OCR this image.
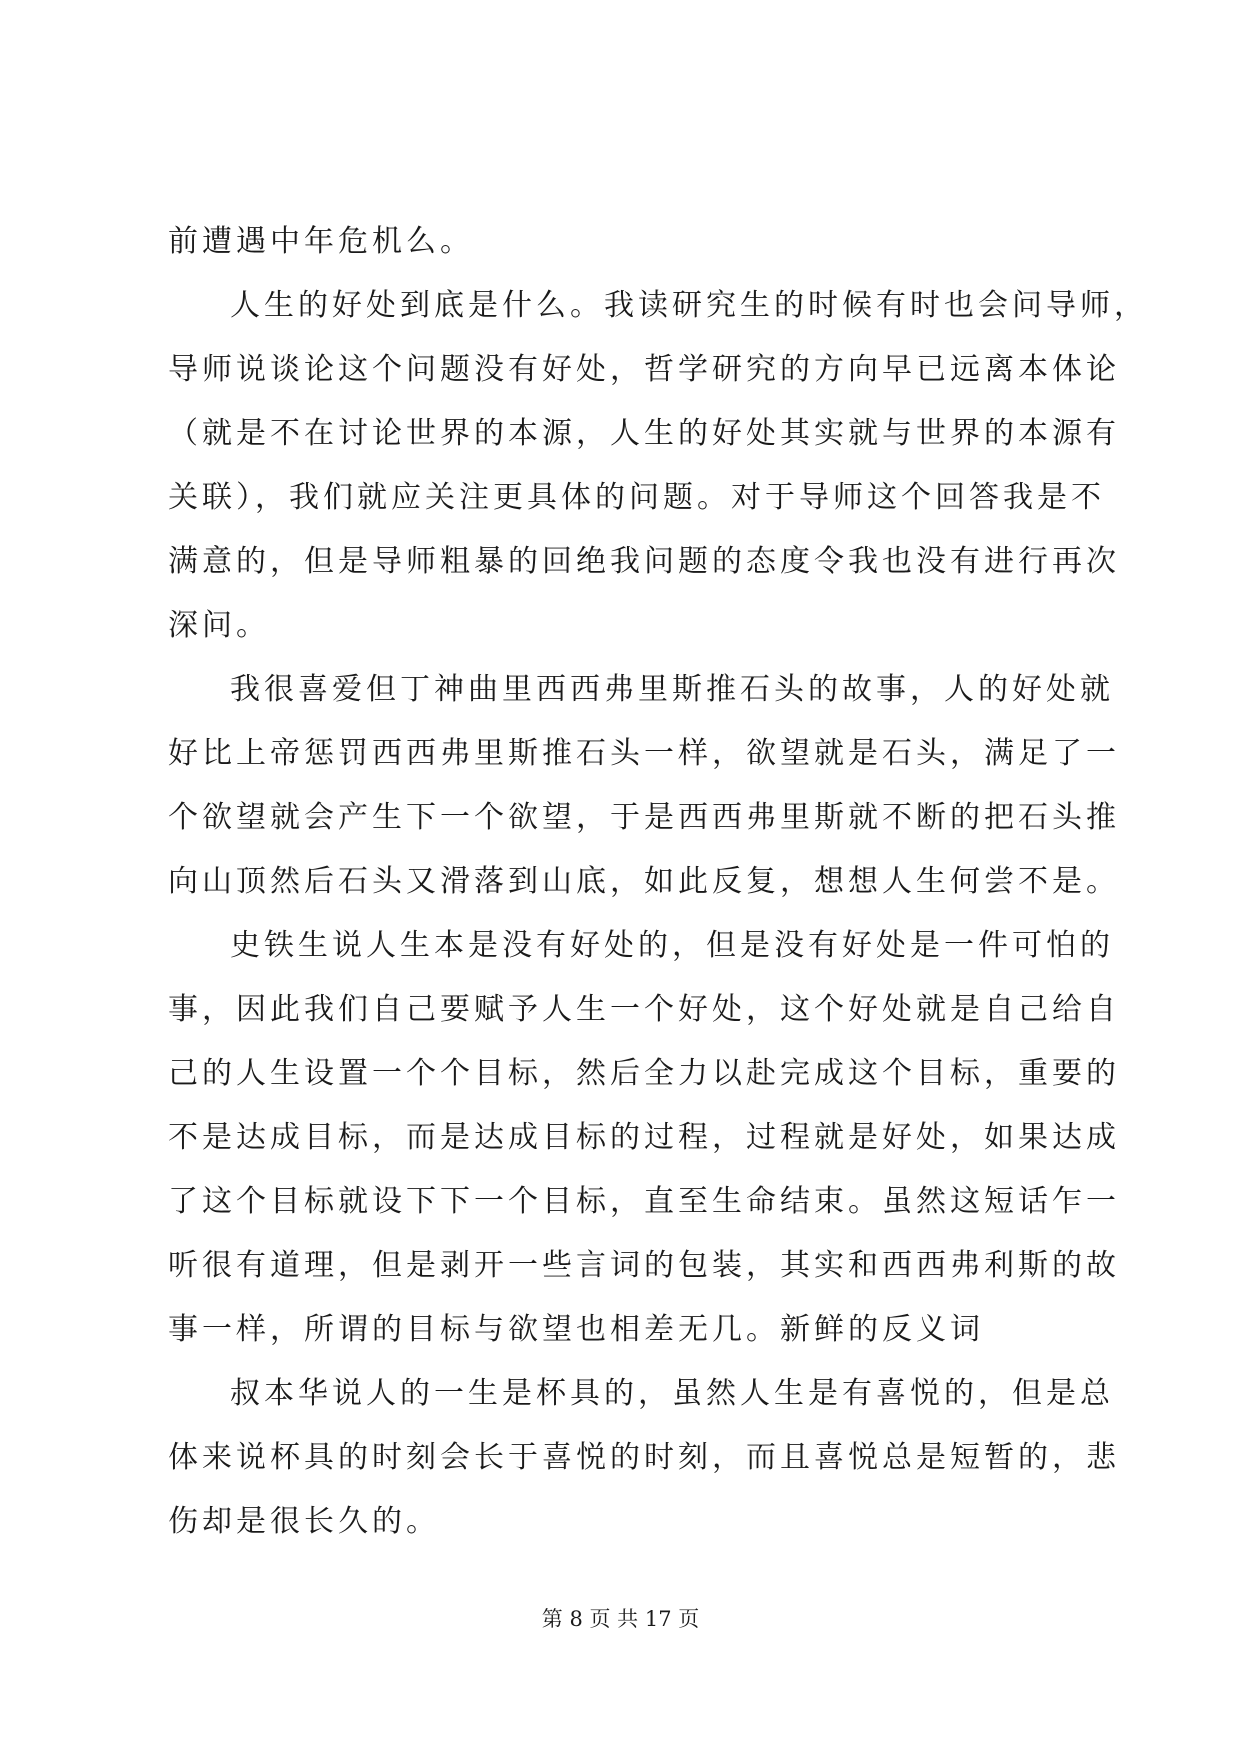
前遭遇中年危机么。
人生的好处到底是什么。我读研究生的时候有时也会问导师，
导师说谈论这个问题没有好处，哲学研究的方向早已远离本体论
（就是不在讨论世界的本源，人生的好处其实就与世界的本源有
关联），我们就应关注更具体的问题。对于导师这个回答我是不
满意的，但是导师粗暴的回绝我问题的态度令我也没有进行再次
深问。
我很喜爱但丁神曲里西西弗里斯推石头的故事，人的好处就
好比上帝惩罚西西弗里斯推石头一样，欲望就是石头，满足了一
个欲望就会产生下一个欲望，于是西西弗里斯就不断的把石头推
向山顶然后石头又滑落到山底，如此反复，想想人生何尝不是。
史铁生说人生本是没有好处的，但是没有好处是一件可怕的
事，因此我们自己要赋予人生一个好处，这个好处就是自己给自
己的人生设置一个个目标，然后全力以赴完成这个目标，重要的
不是达成目标，而是达成目标的过程，过程就是好处，如果达成
了这个目标就设下下一个目标，直至生命结束。虽然这短话乍一
听很有道理，但是剥开一些言词的包装，其实和西西弗利斯的故
事一样，所谓的目标与欲望也相差无几。新鲜的反义词
叔本华说人的一生是杯具的，虽然人生是有喜悦的，但是总
体来说杯具的时刻会长于喜悦的时刻，而且喜悦总是短暂的，悲
伤却是很长久的。
第 8 页 共 17 页
